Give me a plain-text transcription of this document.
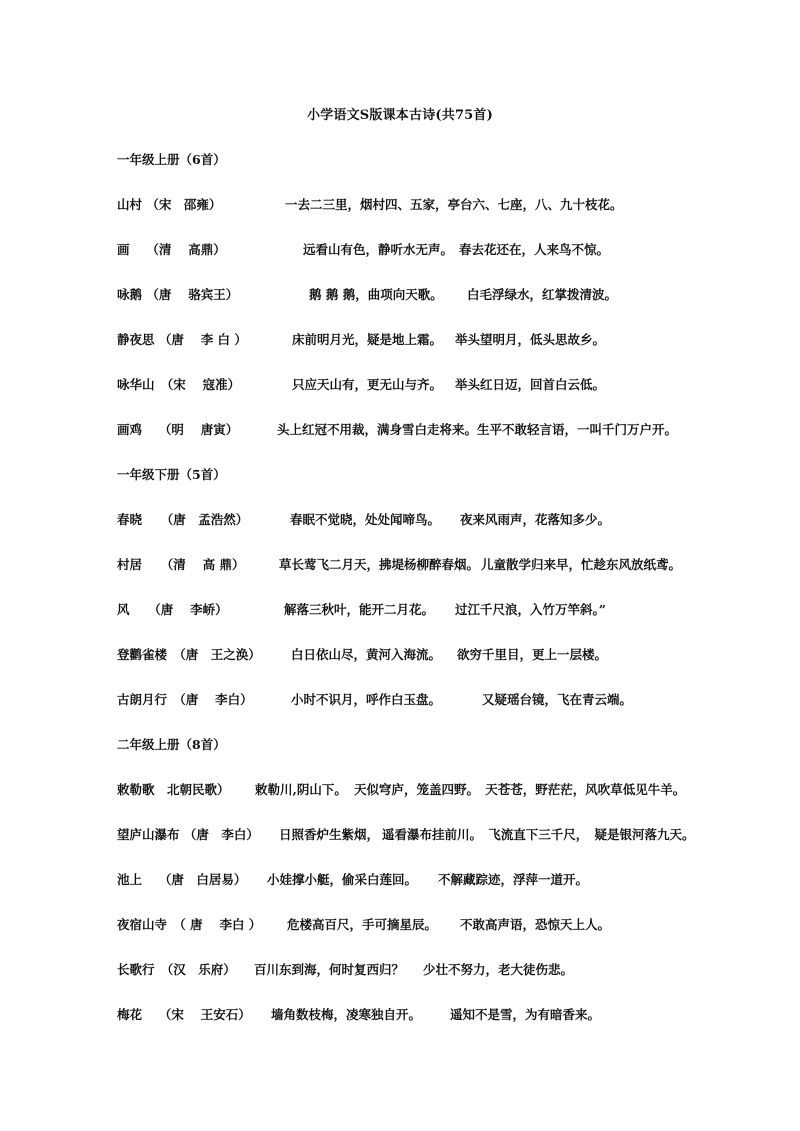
小学语文S版课本古诗(共75首)
一年级上册（6首）
山村 （宋　邵雍）	一去二三里，烟村四、五家，亭台六、七座，八、九十枝花。
画　 （清　 高鼎）	远看山有色，静听水无声。 春去花还在，人来鸟不惊。
咏鹅 （唐　 骆宾王）	鹅 鹅 鹅，曲项向天歌。 白毛浮绿水，红掌拨清波。
静夜思 （唐　 李 白 ）	床前明月光，疑是地上霜。 举头望明月，低头思故乡。
咏华山　（宋　 寇准）	只应天山有，更无山与齐。 举头红日迈，回首白云低。
画鸡　 （明　 唐寅）	头上红冠不用裁，满身雪白走将来。生平不敢轻言语，一叫千门万户开。
一年级下册（5首）
春晓　　（唐　孟浩然）	春眠不觉晓，处处闻啼鸟。 夜来风雨声，花落知多少。
村居　　（清　 高 鼎）	草长莺飞二月天，拂堤杨柳醉春烟。 儿童散学归来早，忙趁东风放纸鸢。
风　　（唐　 李峤）	解落三秋叶，能开二月花。 过江千尺浪，入竹万竿斜。”
登鹳雀楼　（唐　王之涣） 白日依山尽，黄河入海流。 欲穷千里目，更上一层楼。
古朗月行　（唐　 李白）	小时不识月，呼作白玉盘。	又疑瑶台镜，飞在青云端。
二年级上册（8首）
敕勒歌　北朝民歌） 敕勒川,阴山下。 天似穹庐，笼盖四野。　天苍苍，野茫茫，风吹草低见牛羊。
望庐山瀑布 （唐　李白） 日照香炉生紫烟， 遥看瀑布挂前川。　飞流直下三千尺，　疑是银河落九天。
池上　 （唐　白居易） 小娃撑小艇，偷采白莲回。 不解藏踪迹，浮萍一道开。
夜宿山寺　（ 唐　 李白 ） 危楼高百尺，手可摘星辰。 不敢高声语，恐惊天上人。
长歌行　（汉　乐府） 百川东到海，何时复西归？ 少壮不努力，老大徒伤悲。
梅花　 （宋　 王安石） 墙角数枝梅，凌寒独自开。 遥知不是雪，为有暗香来。
